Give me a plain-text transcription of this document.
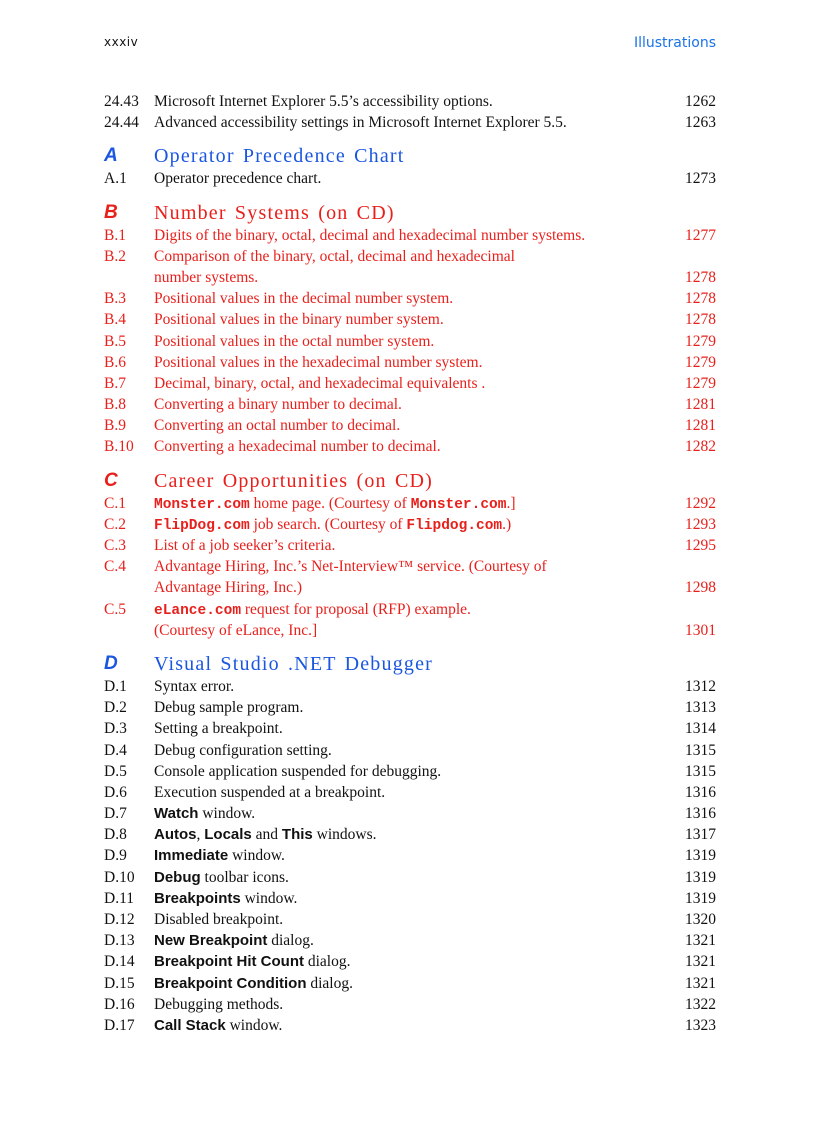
xxxiv	Illustrations
24.43 Microsoft Internet Explorer 5.5’s accessibility options.	1262
24.44 Advanced accessibility settings in Microsoft Internet Explorer 5.5.	1263
A Operator Precedence Chart
A.1 Operator precedence chart.	1273
B Number Systems (on CD)
B.1 Digits of the binary, octal, decimal and hexadecimal number systems.	1277
B.2 Comparison of the binary, octal, decimal and hexadecimal
number systems.	1278
B.3 Positional values in the decimal number system.	1278
B.4 Positional values in the binary number system.	1278
B.5 Positional values in the octal number system.	1279
B.6 Positional values in the hexadecimal number system.	1279
B.7 Decimal, binary, octal, and hexadecimal equivalents .	1279
B.8 Converting a binary number to decimal.	1281
B.9 Converting an octal number to decimal.	1281
B.10 Converting a hexadecimal number to decimal.	1282
C Career Opportunities (on CD)
C.1 Monster.com home page. (Courtesy of Monster.com.]	1292
C.2 FlipDog.com job search. (Courtesy of Flipdog.com.)	1293
C.3 List of a job seeker’s criteria.	1295
C.4 Advantage Hiring, Inc.’s Net-Interview™ service. (Courtesy of
Advantage Hiring, Inc.)	1298
C.5 eLance.com request for proposal (RFP) example.
(Courtesy of eLance, Inc.]	1301
D Visual Studio .NET Debugger
D.1 Syntax error.	1312
D.2 Debug sample program.	1313
D.3 Setting a breakpoint.	1314
D.4 Debug configuration setting.	1315
D.5 Console application suspended for debugging.	1315
D.6 Execution suspended at a breakpoint.	1316
D.7 Watch window.	1316
D.8 Autos, Locals and This windows.	1317
D.9 Immediate window.	1319
D.10 Debug toolbar icons.	1319
D.11 Breakpoints window.	1319
D.12 Disabled breakpoint.	1320
D.13 New Breakpoint dialog.	1321
D.14 Breakpoint Hit Count dialog.	1321
D.15 Breakpoint Condition dialog.	1321
D.16 Debugging methods.	1322
D.17 Call Stack window.	1323
